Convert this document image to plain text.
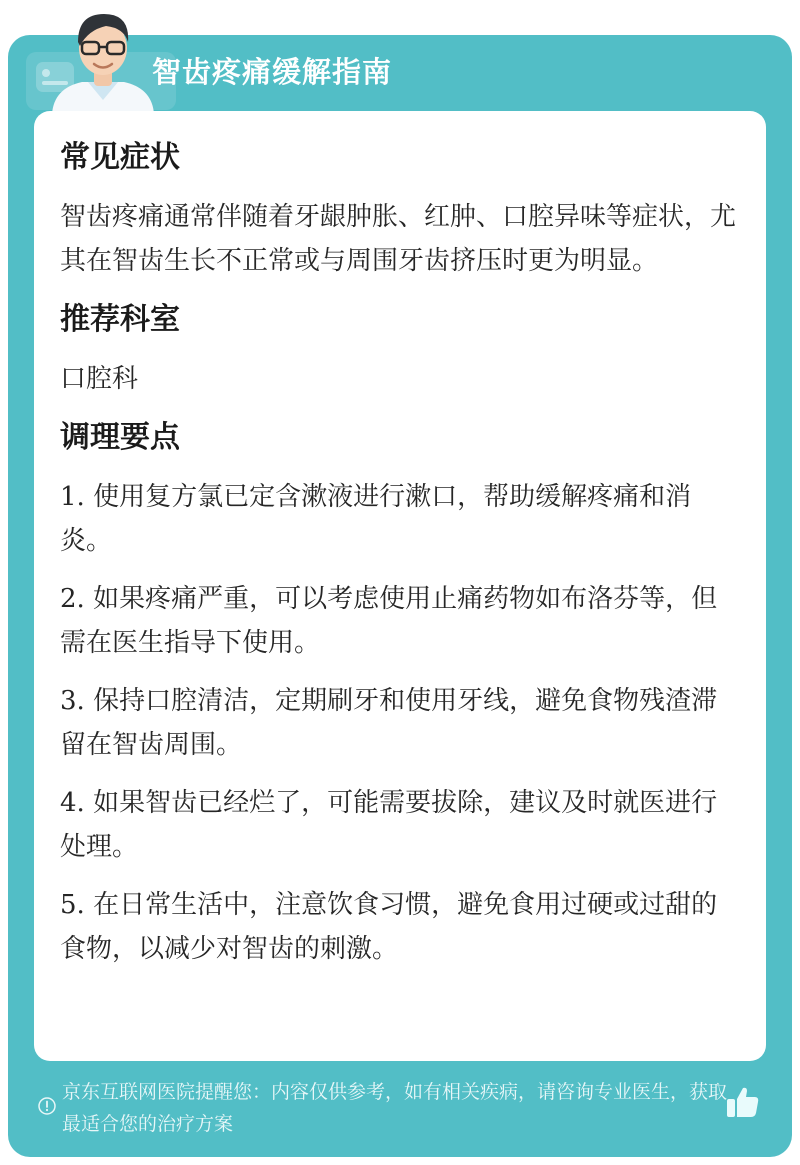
智齿疼痛缓解指南
常见症状

智齿疼痛通常伴随着牙龈肿胀、红肿、口腔异味等症状，尤其在智齿生长不正常或与周围牙齿挤压时更为明显。

推荐科室

口腔科

调理要点
1. 使用复方氯已定含漱液进行漱口，帮助缓解疼痛和消炎。
2. 如果疼痛严重，可以考虑使用止痛药物如布洛芬等，但需在医生指导下使用。
3. 保持口腔清洁，定期刷牙和使用牙线，避免食物残渣滞留在智齿周围。
4. 如果智齿已经烂了，可能需要拔除，建议及时就医进行处理。
5. 在日常生活中，注意饮食习惯，避免食用过硬或过甜的食物，以减少对智齿的刺激。
京东互联网医院提醒您：内容仅供参考，如有相关疾病，请咨询专业医生，获取最适合您的治疗方案
